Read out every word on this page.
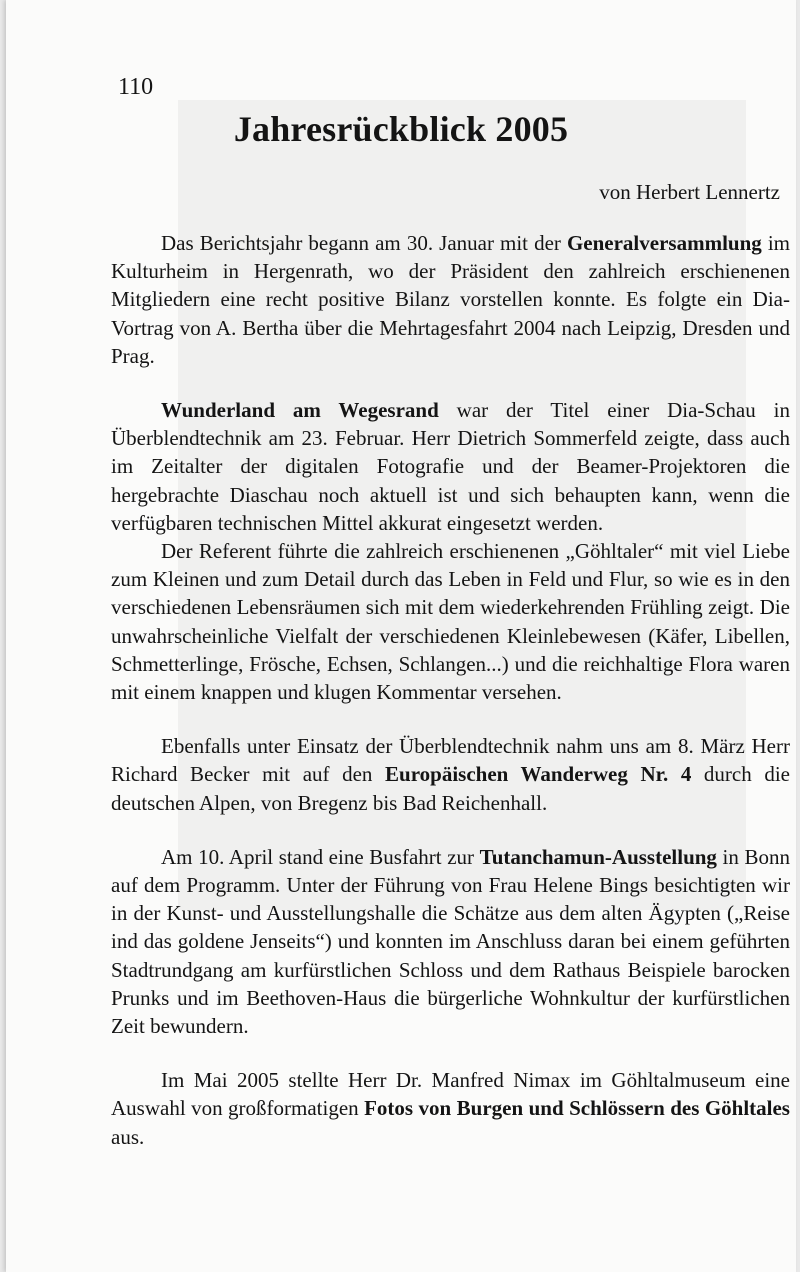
110
Jahresrückblick 2005
von Herbert Lennertz

Das Berichtsjahr begann am 30. Januar mit der Generalversammlung im Kulturheim in Hergenrath, wo der Präsident den zahlreich erschienenen Mitgliedern eine recht positive Bilanz vorstellen konnte. Es folgte ein Dia-Vortrag von A. Bertha über die Mehrtagesfahrt 2004 nach Leipzig, Dresden und Prag.

Wunderland am Wegesrand war der Titel einer Dia-Schau in Überblendtechnik am 23. Februar. Herr Dietrich Sommerfeld zeigte, dass auch im Zeitalter der digitalen Fotografie und der Beamer-Projektoren die hergebrachte Diaschau noch aktuell ist und sich behaupten kann, wenn die verfügbaren technischen Mittel akkurat eingesetzt werden.

Der Referent führte die zahlreich erschienenen „Göhltaler“ mit viel Liebe zum Kleinen und zum Detail durch das Leben in Feld und Flur, so wie es in den verschiedenen Lebensräumen sich mit dem wiederkehrenden Frühling zeigt. Die unwahrscheinliche Vielfalt der verschiedenen Kleinlebewesen (Käfer, Libellen, Schmetterlinge, Frösche, Echsen, Schlangen...) und die reichhaltige Flora waren mit einem knappen und klugen Kommentar versehen.

Ebenfalls unter Einsatz der Überblendtechnik nahm uns am 8. März Herr Richard Becker mit auf den Europäischen Wanderweg Nr. 4 durch die deutschen Alpen, von Bregenz bis Bad Reichenhall.

Am 10. April stand eine Busfahrt zur Tutanchamun-Ausstellung in Bonn auf dem Programm. Unter der Führung von Frau Helene Bings besichtigten wir in der Kunst- und Ausstellungshalle die Schätze aus dem alten Ägypten („Reise ind das goldene Jenseits“) und konnten im Anschluss daran bei einem geführten Stadtrundgang am kurfürstlichen Schloss und dem Rathaus Beispiele barocken Prunks und im Beethoven-Haus die bürgerliche Wohnkultur der kurfürstlichen Zeit bewundern.

Im Mai 2005 stellte Herr Dr. Manfred Nimax im Göhltalmuseum eine Auswahl von großformatigen Fotos von Burgen und Schlössern des Göhltales aus.
